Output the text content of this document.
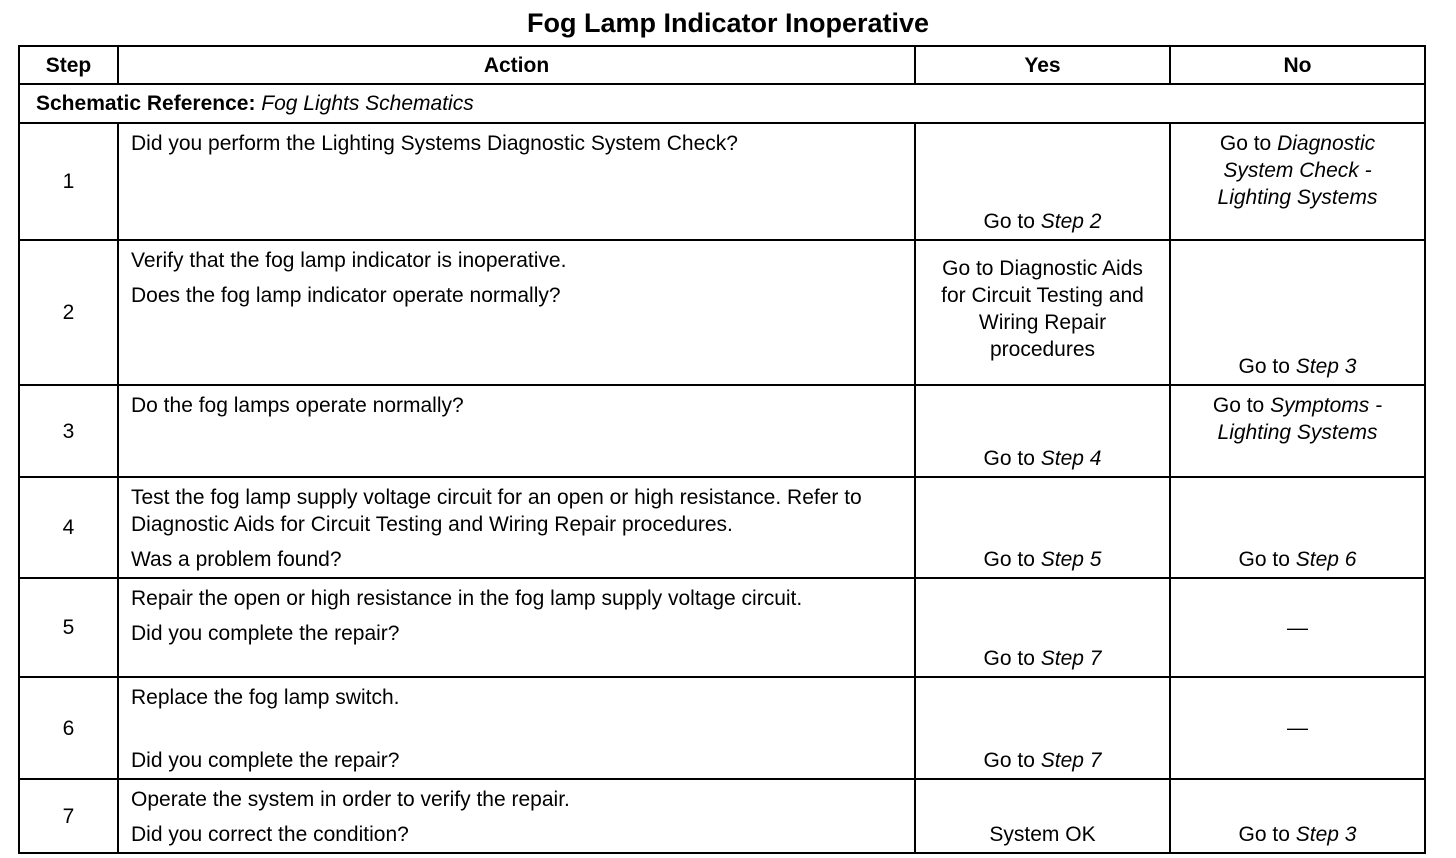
Fog Lamp Indicator Inoperative
Step	Action	Yes	No
Schematic Reference: Fog Lights Schematics			
1	Did you perform the Lighting Systems Diagnostic System Check?	Go to Step 2	Go to Diagnostic System Check - Lighting Systems

2	Verify that the fog lamp indicator is inoperative.
Does the fog lamp indicator operate normally?	Go to Diagnostic Aids for Circuit Testing and Wiring Repair procedures	Go to Step 3

3	Do the fog lamps operate normally?	Go to Step 4	Go to Symptoms - Lighting Systems

4	Test the fog lamp supply voltage circuit for an open or high resistance. Refer to Diagnostic Aids for Circuit Testing and Wiring Repair procedures.
Was a problem found?	Go to Step 5	Go to Step 6

5	Repair the open or high resistance in the fog lamp supply voltage circuit.
Did you complete the repair?	Go to Step 7	—

6	Replace the fog lamp switch.
Did you complete the repair?	Go to Step 7	—

7	Operate the system in order to verify the repair.
Did you correct the condition?	System OK	Go to Step 3
